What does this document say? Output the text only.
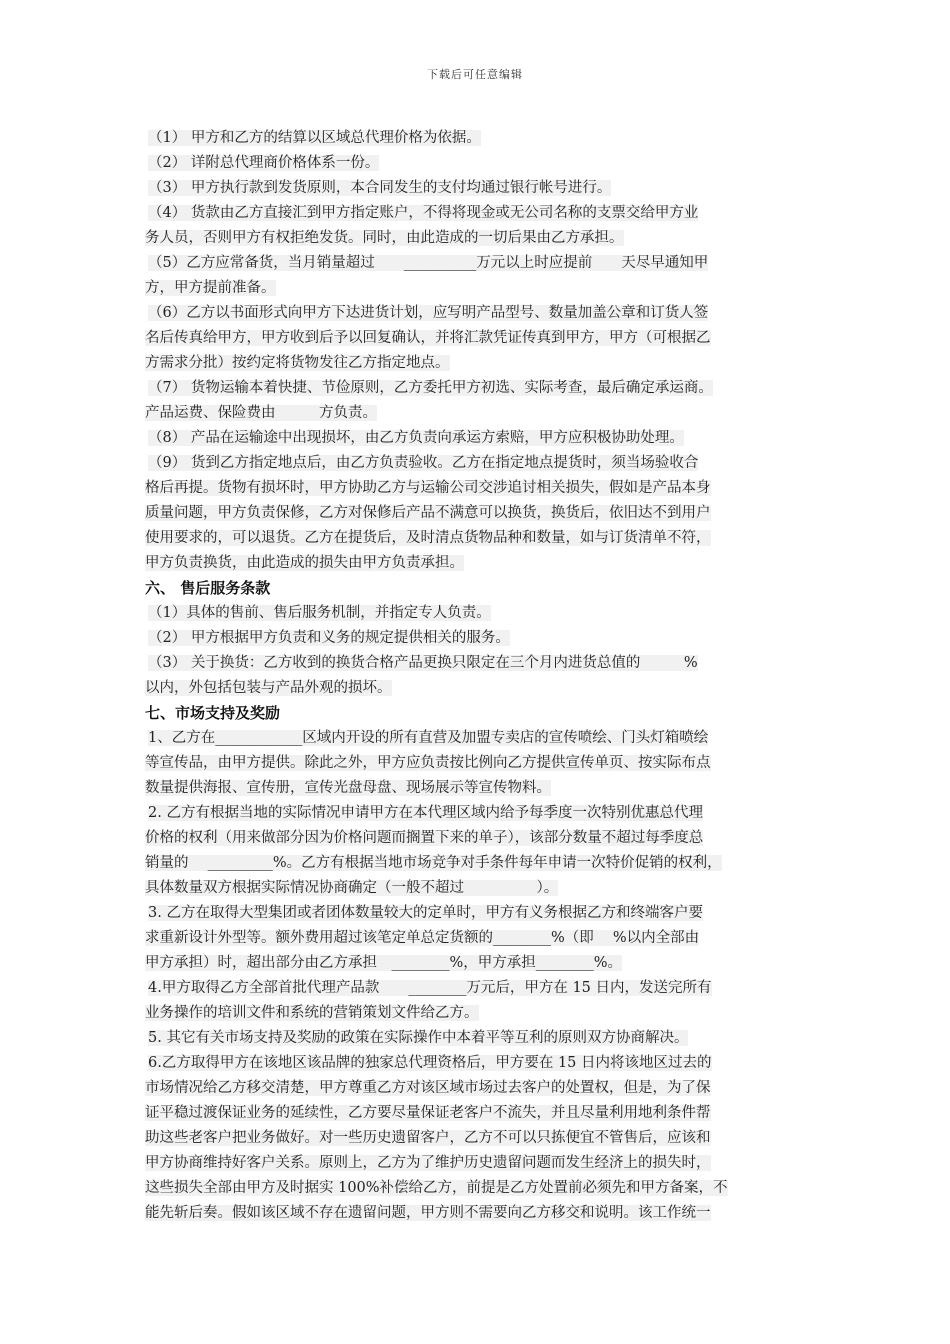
下载后可任意编辑
（1） 甲方和乙方的结算以区域总代理价格为依据。
（2） 详附总代理商价格体系一份。
（3） 甲方执行款到发货原则，本合同发生的支付均通过银行帐号进行。
（4） 货款由乙方直接汇到甲方指定账户，不得将现金或无公司名称的支票交给甲方业
务人员，否则甲方有权拒绝发货。同时，由此造成的一切后果由乙方承担。
（5）乙方应常备货，当月销量超过　　__________万元以上时应提前　　天尽早通知甲
方，甲方提前准备。
（6）乙方以书面形式向甲方下达进货计划，应写明产品型号、数量加盖公章和订货人签
名后传真给甲方，甲方收到后予以回复确认，并将汇款凭证传真到甲方，甲方（可根据乙
方需求分批）按约定将货物发往乙方指定地点。
（7） 货物运输本着快捷、节俭原则，乙方委托甲方初选、实际考查，最后确定承运商。
产品运费、保险费由　　　方负责。
（8） 产品在运输途中出现损坏，由乙方负责向承运方索赔，甲方应积极协助处理。
（9） 货到乙方指定地点后，由乙方负责验收。乙方在指定地点提货时，须当场验收合
格后再提。货物有损坏时，甲方协助乙方与运输公司交涉追讨相关损失，假如是产品本身
质量问题，甲方负责保修，乙方对保修后产品不满意可以换货，换货后，依旧达不到用户
使用要求的，可以退货。乙方在提货后，及时清点货物品种和数量，如与订货清单不符，
甲方负责换货，由此造成的损失由甲方负责承担。
六、 售后服务条款
（1）具体的售前、售后服务机制，并指定专人负责。
（2） 甲方根据甲方负责和义务的规定提供相关的服务。
（3） 关于换货：乙方收到的换货合格产品更换只限定在三个月内进货总值的　　　%
以内，外包括包装与产品外观的损坏。
七、市场支持及奖励
1、乙方在____________区域内开设的所有直营及加盟专卖店的宣传喷绘、门头灯箱喷绘
等宣传品，由甲方提供。除此之外，甲方应负责按比例向乙方提供宣传单页、按实际布点
数量提供海报、宣传册，宣传光盘母盘、现场展示等宣传物料。
2. 乙方有根据当地的实际情况申请甲方在本代理区域内给予每季度一次特别优惠总代理
价格的权利（用来做部分因为价格问题而搁置下来的单子），该部分数量不超过每季度总
销量的　 _________%。乙方有根据当地市场竞争对手条件每年申请一次特价促销的权利，
具体数量双方根据实际情况协商确定（一般不超过　　　　　）。
3. 乙方在取得大型集团或者团体数量较大的定单时，甲方有义务根据乙方和终端客户要
求重新设计外型等。额外费用超过该笔定单总定货额的________%（即　 %以内全部由
甲方承担）时，超出部分由乙方承担　________%，甲方承担________%。
4.甲方取得乙方全部首批代理产品款　　________万元后，甲方在 15 日内，发送完所有
业务操作的培训文件和系统的营销策划文件给乙方。
5. 其它有关市场支持及奖励的政策在实际操作中本着平等互利的原则双方协商解决。
6.乙方取得甲方在该地区该品牌的独家总代理资格后，甲方要在 15 日内将该地区过去的
市场情况给乙方移交清楚，甲方尊重乙方对该区域市场过去客户的处置权，但是，为了保
证平稳过渡保证业务的延续性，乙方要尽量保证老客户不流失，并且尽量利用地利条件帮
助这些老客户把业务做好。对一些历史遗留客户，乙方不可以只拣便宜不管售后，应该和
甲方协商维持好客户关系。原则上，乙方为了维护历史遗留问题而发生经济上的损失时，
这些损失全部由甲方及时据实 100%补偿给乙方，前提是乙方处置前必须先和甲方备案，不
能先斩后奏。假如该区域不存在遗留问题，甲方则不需要向乙方移交和说明。该工作统一
